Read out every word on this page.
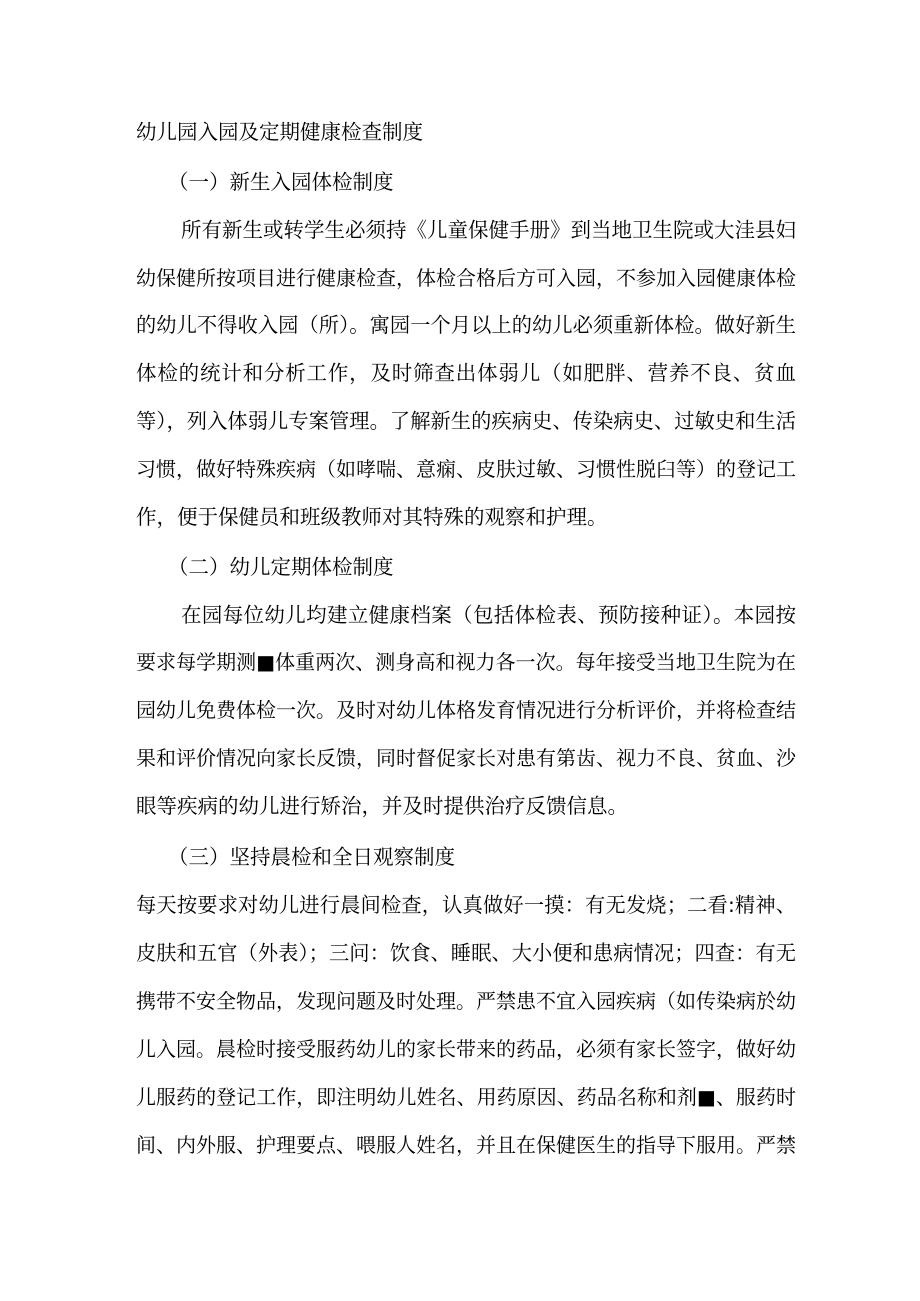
幼儿园入园及定期健康检查制度
（一）新生入园体检制度
所有新生或转学生必须持《儿童保健手册》到当地卫生院或大洼县妇
幼保健所按项目进行健康检查，体检合格后方可入园，不参加入园健康体检
的幼儿不得收入园（所）。寓园一个月以上的幼儿必须重新体检。做好新生
体检的统计和分析工作，及时筛查出体弱儿（如肥胖、营养不良、贫血
等），列入体弱儿专案管理。了解新生的疾病史、传染病史、过敏史和生活
习惯，做好特殊疾病（如哮喘、意痫、皮肤过敏、习惯性脱臼等）的登记工
作，便于保健员和班级教师对其特殊的观察和护理。
（二）幼儿定期体检制度
在园每位幼儿均建立健康档案（包括体检表、预防接种证）。本园按
要求每学期测■体重两次、测身高和视力各一次。每年接受当地卫生院为在
园幼儿免费体检一次。及时对幼儿体格发育情况进行分析评价，并将检查结
果和评价情况向家长反馈，同时督促家长对患有第齿、视力不良、贫血、沙
眼等疾病的幼儿进行矫治，并及时提供治疗反馈信息。
（三）坚持晨检和全日观察制度
每天按要求对幼儿进行晨间检查，认真做好一摸：有无发烧；二看:精神、
皮肤和五官（外表）；三问：饮食、睡眠、大小便和患病情况；四查：有无
携带不安全物品，发现问题及时处理。严禁患不宜入园疾病（如传染病於幼
儿入园。晨检时接受服药幼儿的家长带来的药品，必须有家长签字，做好幼
儿服药的登记工作，即注明幼儿姓名、用药原因、药品名称和剂■、服药时
间、内外服、护理要点、喂服人姓名，并且在保健医生的指导下服用。严禁
